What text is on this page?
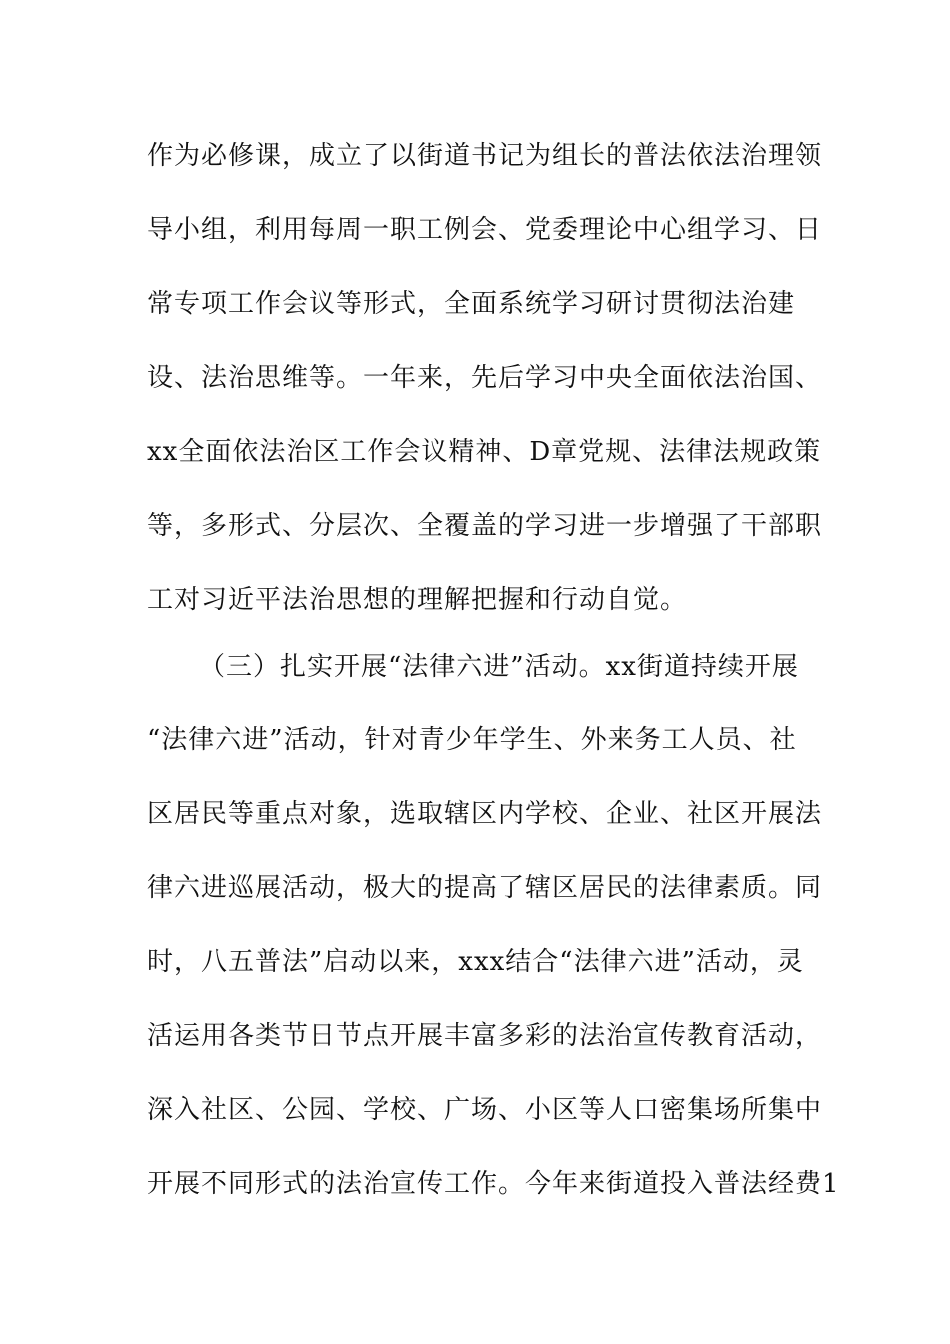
作为必修课，成立了以街道书记为组长的普法依法治理领
导小组，利用每周一职工例会、党委理论中心组学习、日
常专项工作会议等形式，全面系统学习研讨贯彻法治建
设、法治思维等。一年来，先后学习中央全面依法治国、
xx全面依法治区工作会议精神、D章党规、法律法规政策
等，多形式、分层次、全覆盖的学习进一步增强了干部职
工对习近平法治思想的理解把握和行动自觉。
（三）扎实开展“法律六进”活动。xx街道持续开展
“法律六进”活动，针对青少年学生、外来务工人员、社
区居民等重点对象，选取辖区内学校、企业、社区开展法
律六进巡展活动，极大的提高了辖区居民的法律素质。同
时，八五普法”启动以来，xxx结合“法律六进”活动，灵
活运用各类节日节点开展丰富多彩的法治宣传教育活动，
深入社区、公园、学校、广场、小区等人口密集场所集中
开展不同形式的法治宣传工作。今年来街道投入普法经费1
